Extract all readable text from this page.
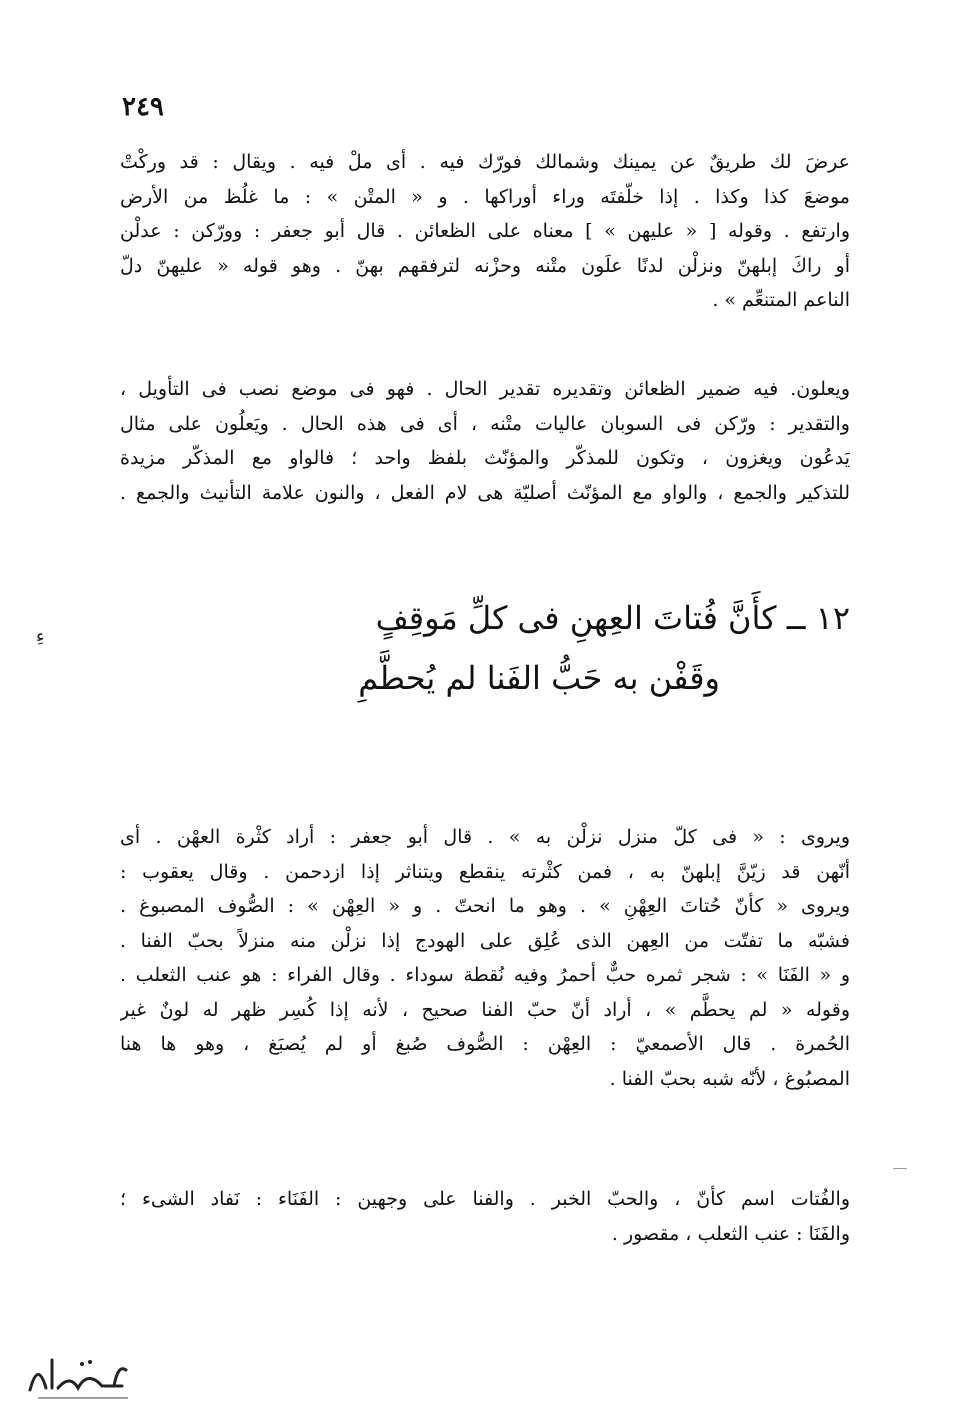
٢٤٩
عرضَ لك طريقٌ عن يمينك وشمالك فورّك فيه . أى ملْ فيه . ويقال : قد وركْتْ
موضعَ كذا وكذا . إذا خلّفتَه وراء أوراكها . و « المتْن » : ما غلُظ من الأرض
وارتفع . وقوله [ « عليهن » ] معناه على الظعائن . قال أبو جعفر : وورّكن : عدلْن
أو راكَ إبلهنّ ونزلْن لدنًا علَون متْنه وحزْنه لترفقهم بهنّ . وهو قوله « عليهنّ دلّ
الناعم المتنعِّم » .
ويعلون. فيه ضمير الظعائن وتقديره تقدير الحال . فهو فى موضع نصب فى التأويل ،
والتقدير : ورّكن فى السوبان عاليات متْنه ، أى فى هذه الحال . ويَعلُون على مثال
يَدعُون ويغزون ، وتكون للمذكّر والمؤنّث بلفظ واحد ؛ فالواو مع المذكّر مزيدة
للتذكير والجمع ، والواو مع المؤنّث أصليّة هى لام الفعل ، والنون علامة التأنيث والجمع .
١٢ ــ كأَنَّ فُتاتَ العِهنِ فى كلِّ مَوقِفٍ
وقَفْن به حَبُّ الفَنا لم يُحطَّمِ
ءِ
ويروى : « فى كلّ منزل نزلْن به » . قال أبو جعفر : أراد كثْرة العهْن . أى
أنّهن قد زيّنَّ إبلهنّ به ، فمن كثْرته ينقطع ويتناثر إذا ازدحمن . وقال يعقوب :
ويروى « كأنّ حُتاتَ العِهْنِ » . وهو ما انحتّ . و « العِهْن » : الصُّوف المصبوغ .
فشبّه ما تفتّت من العِهن الذى عُلِق على الهودج إذا نزلْن منه منزلاً بحبّ الفنا .
و « الفَنَا » : شجر ثمره حبٌّ أحمرُ وفيه نُقطة سوداء . وقال الفراء : هو عنب الثعلب .
وقوله « لم يحطَّم » ، أراد أنّ حبّ الفنا صحيح ، لأنه إذا كُسِر ظهر له لونٌ غير
الحُمرة . قال الأصمعيّ : العِهْن : الصُّوف صُبغ أو لم يُصبَغ ، وهو ها هنا
المصبُوغ ، لأنّه شبه بحبّ الفنا .
والفُتات اسم كأنّ ، والحبّ الخبر . والفنا على وجهين : الفَنَاء : نَفاد الشىء ؛
والفَنَا : عنب الثعلب ، مقصور .
